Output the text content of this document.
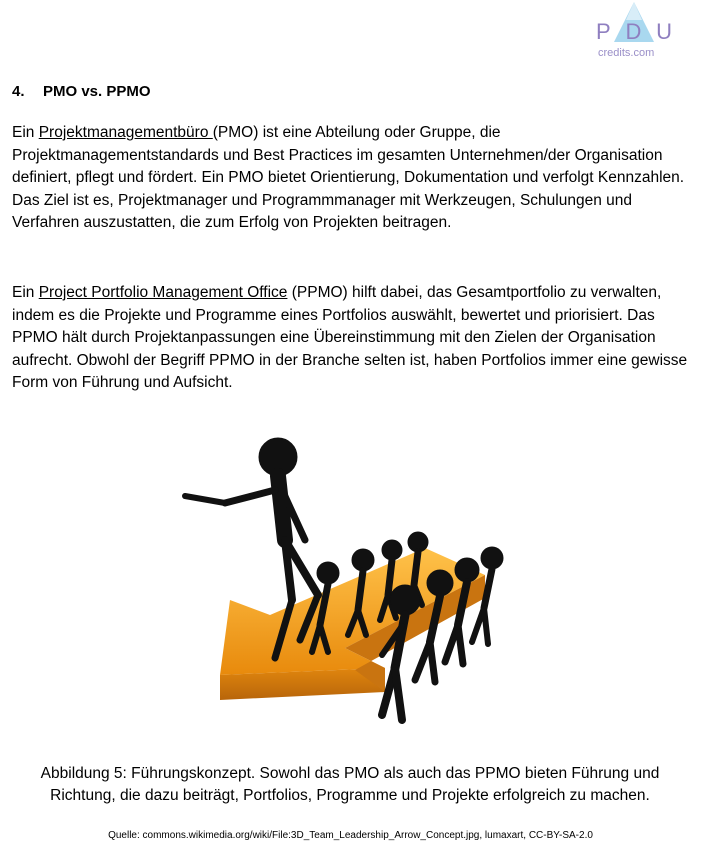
P D U
credits.com
4. PMO vs. PPMO

Ein Projektmanagementbüro (PMO) ist eine Abteilung oder Gruppe, die Projektmanagementstandards und Best Practices im gesamten Unternehmen/der Organisation definiert, pflegt und fördert. Ein PMO bietet Orientierung, Dokumentation und verfolgt Kennzahlen. Das Ziel ist es, Projektmanager und Programmmanager mit Werkzeugen, Schulungen und Verfahren auszustatten, die zum Erfolg von Projekten beitragen.

Ein Project Portfolio Management Office (PPMO) hilft dabei, das Gesamtportfolio zu verwalten, indem es die Projekte und Programme eines Portfolios auswählt, bewertet und priorisiert. Das PPMO hält durch Projektanpassungen eine Übereinstimmung mit den Zielen der Organisation aufrecht. Obwohl der Begriff PPMO in der Branche selten ist, haben Portfolios immer eine gewisse Form von Führung und Aufsicht.

Abbildung 5: Führungskonzept. Sowohl das PMO als auch das PPMO bieten Führung und Richtung, die dazu beiträgt, Portfolios, Programme und Projekte erfolgreich zu machen.

Quelle: commons.wikimedia.org/wiki/File:3D_Team_Leadership_Arrow_Concept.jpg, lumaxart, CC-BY-SA-2.0
